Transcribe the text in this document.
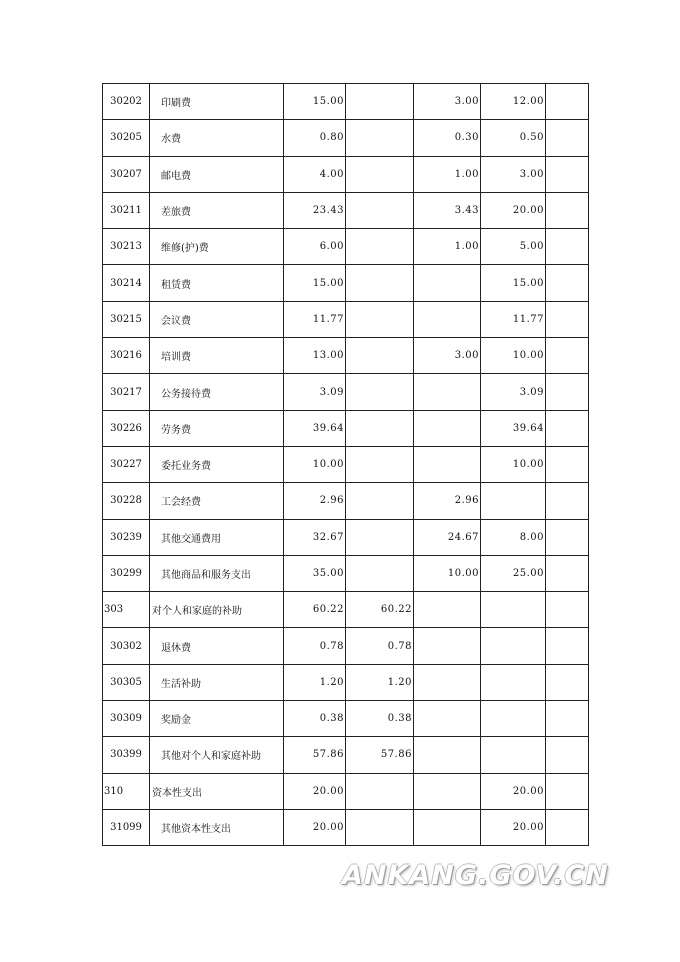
30202	印刷费	15.00		3.00	12.00	
30205	水费	0.80		0.30	0.50	
30207	邮电费	4.00		1.00	3.00	
30211	差旅费	23.43		3.43	20.00	
30213	维修(护)费	6.00		1.00	5.00	
30214	租赁费	15.00			15.00	
30215	会议费	11.77			11.77	
30216	培训费	13.00		3.00	10.00	
30217	公务接待费	3.09			3.09	
30226	劳务费	39.64			39.64	
30227	委托业务费	10.00			10.00	
30228	工会经费	2.96		2.96		
30239	其他交通费用	32.67		24.67	8.00	
30299	其他商品和服务支出	35.00		10.00	25.00	
303	对个人和家庭的补助	60.22	60.22			
30302	退休费	0.78	0.78			
30305	生活补助	1.20	1.20			
30309	奖励金	0.38	0.38			
30399	其他对个人和家庭补助	57.86	57.86			
310	资本性支出	20.00			20.00	
31099	其他资本性支出	20.00			20.00	
ANKANG.GOV.CN
